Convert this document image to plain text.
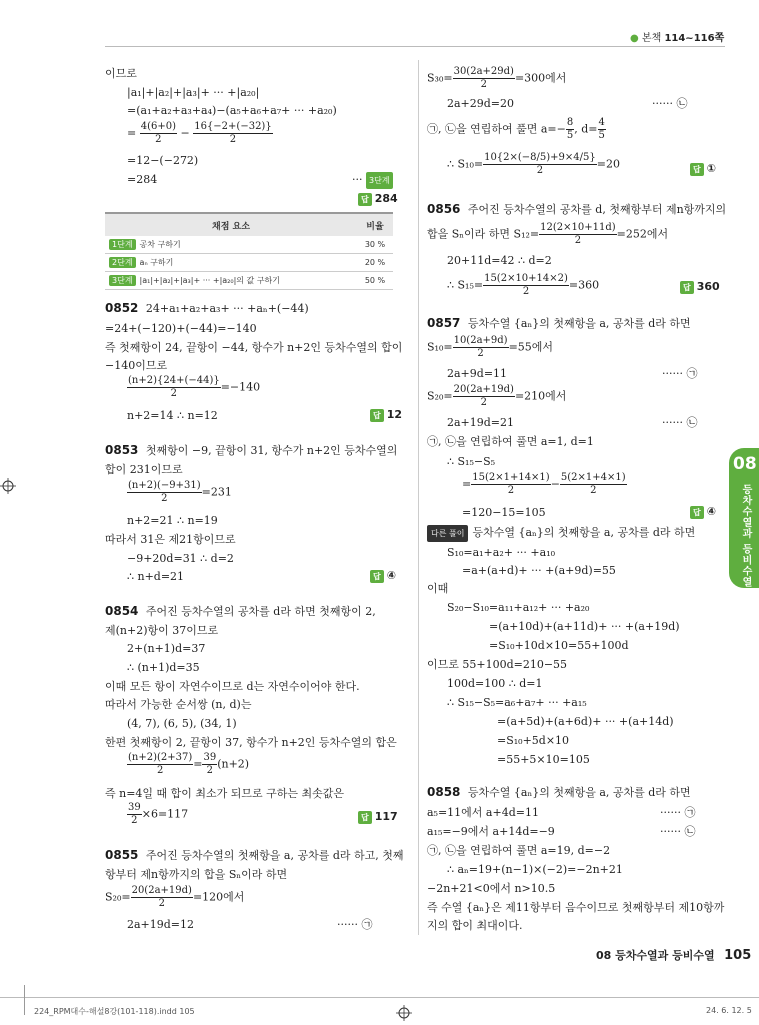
● 본책 114~116쪽
이므로
|a₁|+|a₂|+|a₃|+ ··· +|a₂₀|
=(a₁+a₂+a₃+a₄)−(a₅+a₆+a₇+ ··· +a₂₀)
= $\frac{4(6+0)}{2} - \frac{16\{-2+(-32)\}}{2}$
=12−(−272)
=284	··· 3단계
답 284
채점 요소	비율
1단계 공차 구하기	30 %
2단계 aₙ 구하기	20 %
3단계 |a₁|+|a₂|+|a₃|+ ··· +|a₂₀|의 값 구하기	50 %
0852 24+a₁+a₂+a₃+ ··· +aₙ+(−44)
=24+(−120)+(−44)=−140
즉 첫째항이 24, 끝항이 −44, 항수가 n+2인 등차수열의 합이
−140이므로
$\frac{(n+2)\{24+(-44)\}}{2} =-140$
n+2=14 ∴ n=12	답 12
0853 첫째항이 −9, 끝항이 31, 항수가 n+2인 등차수열의
합이 231이므로
$\frac{(n+2)(-9+31)}{2} =231$
n+2=21 ∴ n=19
따라서 31은 제21항이므로
−9+20d=31 ∴ d=2
∴ n+d=21	답 ④
0854 주어진 등차수열의 공차를 d라 하면 첫째항이 2,
제(n+2)항이 37이므로
2+(n+1)d=37
∴ (n+1)d=35
이때 모든 항이 자연수이므로 d는 자연수이어야 한다.
따라서 가능한 순서쌍 (n, d)는
(4, 7), (6, 5), (34, 1)
한편 첫째항이 2, 끝항이 37, 항수가 n+2인 등차수열의 합은
$\frac{(n+2)(2+37)}{2} = \frac{39}{2} (n+2)$
즉 n=4일 때 합이 최소가 되므로 구하는 최솟값은
$\frac{39}{2} \times 6=117$	답 117
0855 주어진 등차수열의 첫째항을 a, 공차를 d라 하고, 첫째
항부터 제n항까지의 합을 Sₙ이라 하면
$S_{20}= \frac{20(2a+19d)}{2} =120$에서
2a+19d=12	······ ㉠
$S_{30}= \frac{30(2a+29d)}{2} =300$에서
2a+29d=20	······ ㉡
㉠, ㉡을 연립하여 풀면 $a=- \frac{8}{5}$ , $d= \frac{4}{5}$
∴ $S_{10}= \frac{10\{2\times(-8/5)+9\times 4/5\}}{2} =20$	답 ①
0856 주어진 등차수열의 공차를 d, 첫째항부터 제n항까지의
합을 Sₙ이라 하면 $S_{12}= \frac{12(2\times 10+11d)}{2} =252$에서
20+11d=42 ∴ d=2
∴ $S_{15}= \frac{15(2\times 10+14\times 2)}{2} =360$	답 360
0857 등차수열 {aₙ}의 첫째항을 a, 공차를 d라 하면
$S_{10}= \frac{10(2a+9d)}{2} =55$에서
2a+9d=11	······ ㉠
$S_{20}= \frac{20(2a+19d)}{2} =210$에서
2a+19d=21	······ ㉡
㉠, ㉡을 연립하여 풀면 a=1, d=1
∴ S₁₅−S₅
= $\frac{15(2\times 1+14\times 1)}{2} - \frac{5(2\times 1+4\times 1)}{2}$
=120−15=105	답 ④
다른 풀이 등차수열 {aₙ}의 첫째항을 a, 공차를 d라 하면
S₁₀=a₁+a₂+ ··· +a₁₀
=a+(a+d)+ ··· +(a+9d)=55
이때
S₂₀−S₁₀=a₁₁+a₁₂+ ··· +a₂₀
=(a+10d)+(a+11d)+ ··· +(a+19d)
=S₁₀+10d×10=55+100d
이므로 55+100d=210−55
100d=100 ∴ d=1
∴ S₁₅−S₅=a₆+a₇+ ··· +a₁₅
=(a+5d)+(a+6d)+ ··· +(a+14d)
=S₁₀+5d×10
=55+5×10=105
0858 등차수열 {aₙ}의 첫째항을 a, 공차를 d라 하면
a₅=11에서 a+4d=11	······ ㉠
a₁₅=−9에서 a+14d=−9	······ ㉡
㉠, ㉡을 연립하여 풀면 a=19, d=−2
∴ aₙ=19+(n−1)×(−2)=−2n+21
−2n+21<0에서 n>10.5
즉 수열 {aₙ}은 제11항부터 음수이므로 첫째항부터 제10항까
지의 합이 최대이다.
08
등차수열과 등비수열
08 등차수열과 등비수열 105
224_RPM대수-해설8강(101-118).indd 105	24. 6. 12. 5
